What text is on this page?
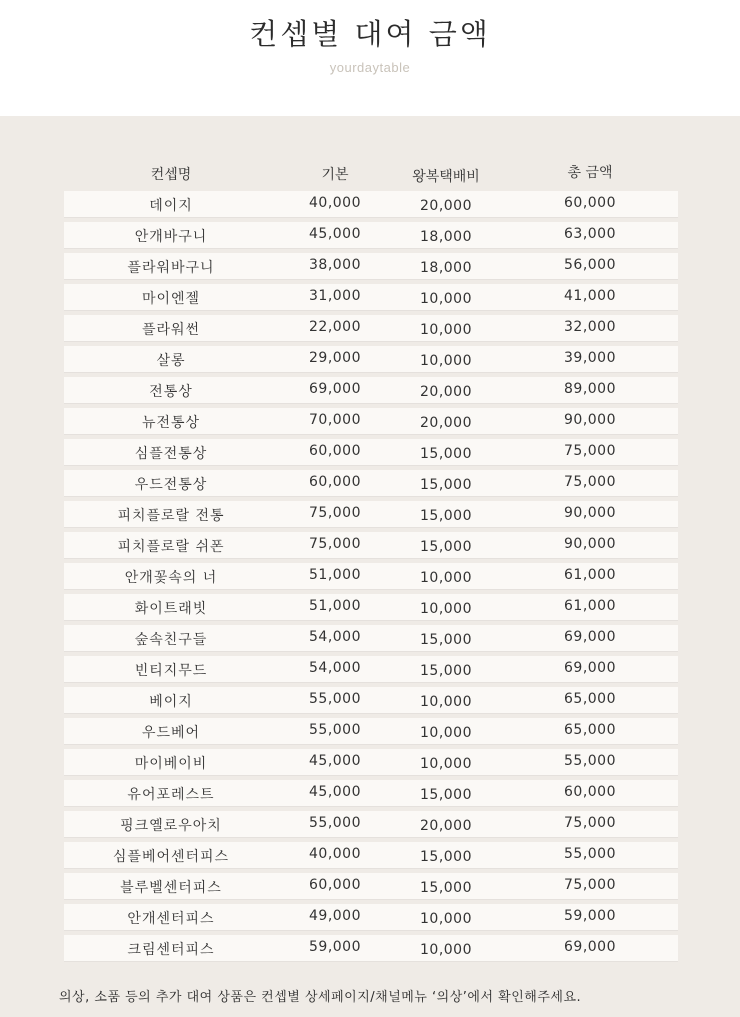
컨셉별 대여 금액
yourdaytable
컨셉명	기본	왕복택배비	총 금액
데이지	40,000	20,000	60,000
안개바구니	45,000	18,000	63,000
플라워바구니	38,000	18,000	56,000
마이엔젤	31,000	10,000	41,000
플라워썬	22,000	10,000	32,000
살롱	29,000	10,000	39,000
전통상	69,000	20,000	89,000
뉴전통상	70,000	20,000	90,000
심플전통상	60,000	15,000	75,000
우드전통상	60,000	15,000	75,000
피치플로랄 전통	75,000	15,000	90,000
피치플로랄 쉬폰	75,000	15,000	90,000
안개꽃속의 너	51,000	10,000	61,000
화이트래빗	51,000	10,000	61,000
숲속친구들	54,000	15,000	69,000
빈티지무드	54,000	15,000	69,000
베이지	55,000	10,000	65,000
우드베어	55,000	10,000	65,000
마이베이비	45,000	10,000	55,000
유어포레스트	45,000	15,000	60,000
핑크옐로우아치	55,000	20,000	75,000
심플베어센터피스	40,000	15,000	55,000
블루벨센터피스	60,000	15,000	75,000
안개센터피스	49,000	10,000	59,000
크림센터피스	59,000	10,000	69,000
의상, 소품 등의 추가 대여 상품은 컨셉별 상세페이지/채널메뉴 ‘의상’에서 확인해주세요.
